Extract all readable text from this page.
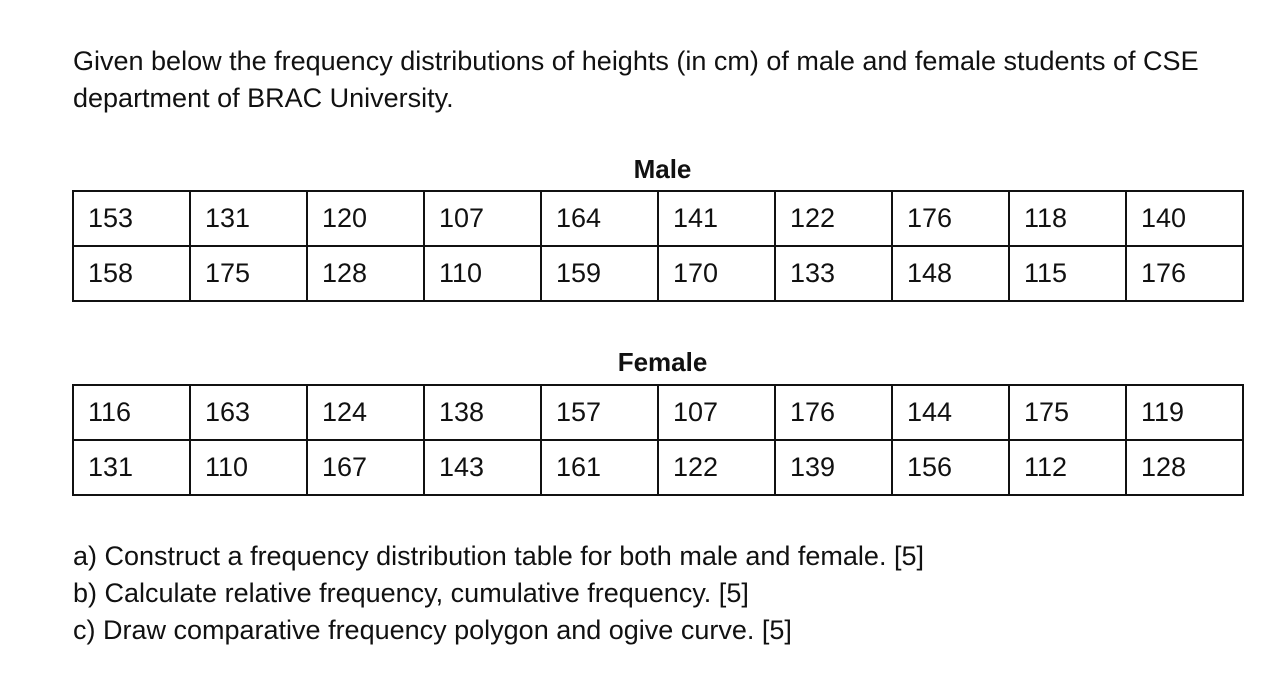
Given below the frequency distributions of heights (in cm) of male and female students of CSE department of BRAC University.

Male
153	131	120	107	164	141	122	176	118	140
158	175	128	110	159	170	133	148	115	176
Female
116	163	124	138	157	107	176	144	175	119
131	110	167	143	161	122	139	156	112	128
a) Construct a frequency distribution table for both male and female. [5]
b) Calculate relative frequency, cumulative frequency. [5]
c) Draw comparative frequency polygon and ogive curve. [5]
